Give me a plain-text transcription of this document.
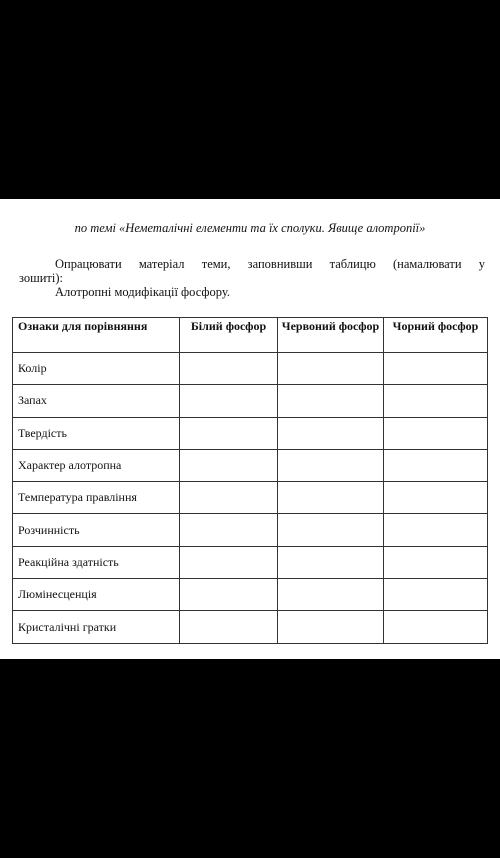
по темі «Неметалічні елементи та їх сполуки. Явище алотропії»
Опрацювати матеріал теми, заповнивши таблицю (намалювати у
зошиті):
Алотропні модифікації фосфору.
Ознаки для порівняння	Білий фосфор	Червоний фосфор	Чорний фосфор
Колір			
Запах			
Твердість			
Характер алотропна			
Температура правління			
Розчинність			
Реакційна здатність			
Люмінесценція			
Кристалічні гратки			
